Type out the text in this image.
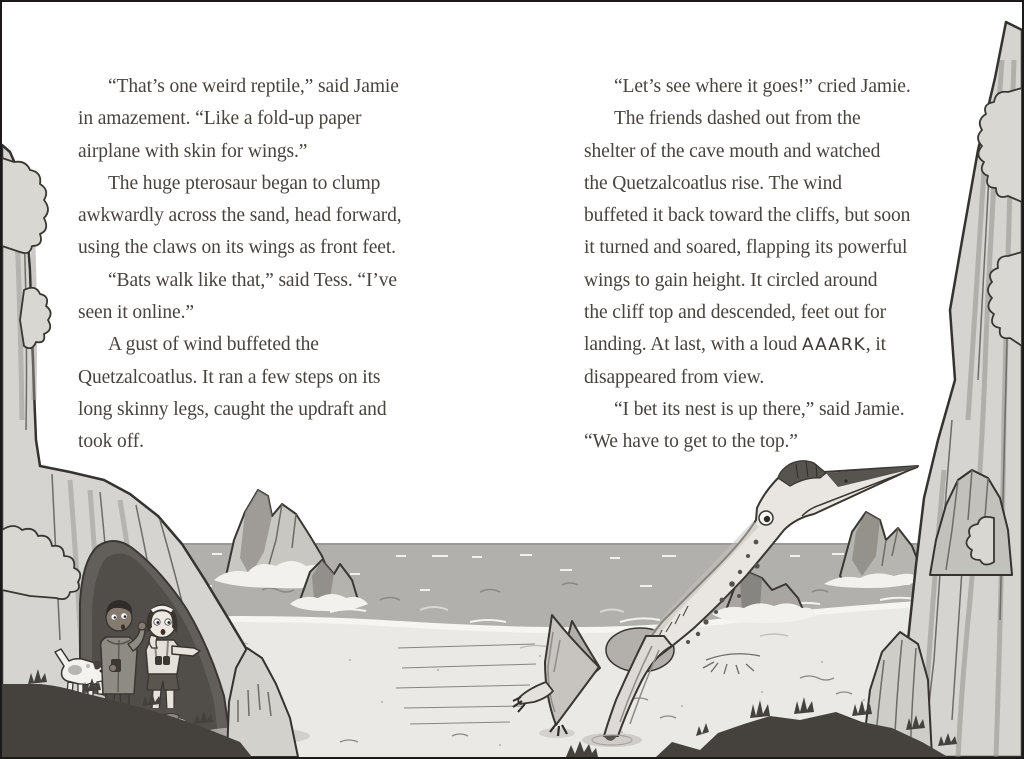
“That’s one weird reptile,” said Jamie
in amazement. “Like a fold-up paper
airplane with skin for wings.”
The huge pterosaur began to clump
awkwardly across the sand, head forward,
using the claws on its wings as front feet.
“Bats walk like that,” said Tess. “I’ve
seen it online.”
A gust of wind buffeted the
Quetzalcoatlus. It ran a few steps on its
long skinny legs, caught the updraft and
took off.
“Let’s see where it goes!” cried Jamie.
The friends dashed out from the
shelter of the cave mouth and watched
the Quetzalcoatlus rise. The wind
buffeted it back toward the cliffs, but soon
it turned and soared, flapping its powerful
wings to gain height. It circled around
the cliff top and descended, feet out for
landing. At last, with a loud AAARK, it
disappeared from view.
“I bet its nest is up there,” said Jamie.
“We have to get to the top.”
